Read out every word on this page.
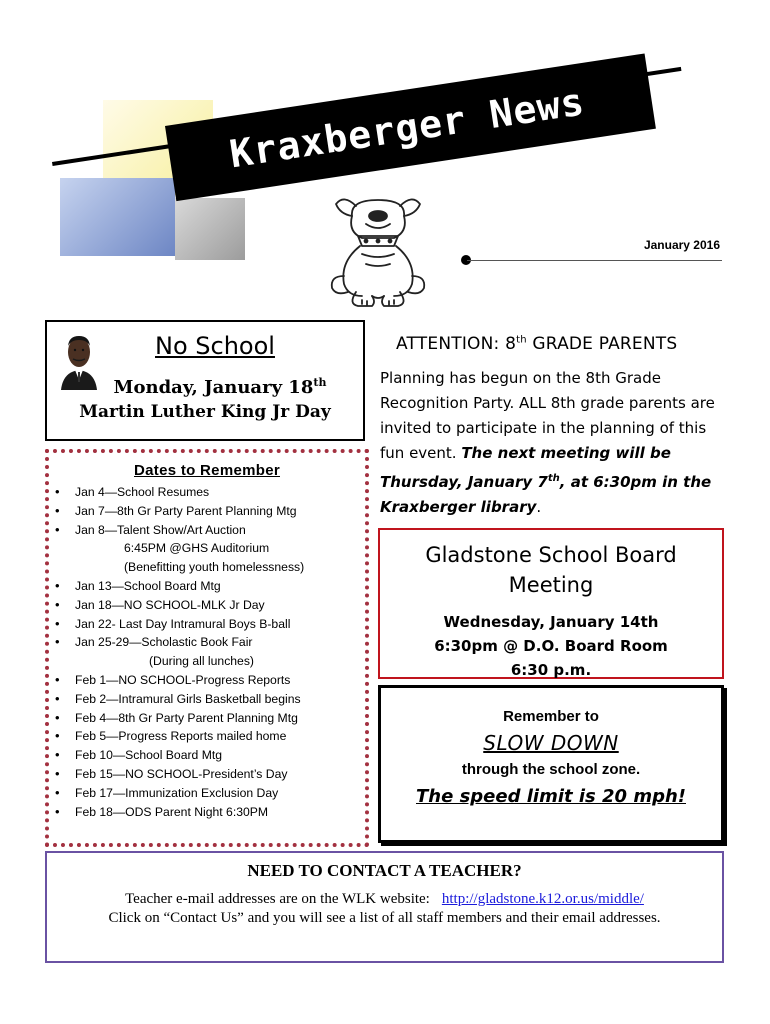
Kraxberger News
January 2016
No School
Monday, January 18th
Martin Luther King Jr Day
Dates to Remember
• Jan 4—School Resumes
• Jan 7—8th Gr Party Parent Planning Mtg
• Jan 8—Talent Show/Art Auction
6:45PM @GHS Auditorium
(Benefitting youth homelessness)
• Jan 13—School Board Mtg
• Jan 18—NO SCHOOL-MLK Jr Day
• Jan 22- Last Day Intramural Boys B-ball
• Jan 25-29—Scholastic Book Fair
(During all lunches)
• Feb 1—NO SCHOOL-Progress Reports
• Feb 2—Intramural Girls Basketball begins
• Feb 4—8th Gr Party Parent Planning Mtg
• Feb 5—Progress Reports mailed home
• Feb 10—School Board Mtg
• Feb 15—NO SCHOOL-President’s Day
• Feb 17—Immunization Exclusion Day
• Feb 18—ODS Parent Night 6:30PM
ATTENTION: 8th GRADE PARENTS
Planning has begun on the 8th Grade Recognition Party. ALL 8th grade parents are invited to participate in the planning of this fun event. The next meeting will be Thursday, January 7th, at 6:30pm in the Kraxberger library.
Gladstone School Board Meeting
Wednesday, January 14th
6:30pm @ D.O. Board Room
6:30 p.m.
Remember to
SLOW DOWN
through the school zone.
The speed limit is 20 mph!
NEED TO CONTACT A TEACHER?
Teacher e-mail addresses are on the WLK website: http://gladstone.k12.or.us/middle/
Click on “Contact Us” and you will see a list of all staff members and their email addresses.
